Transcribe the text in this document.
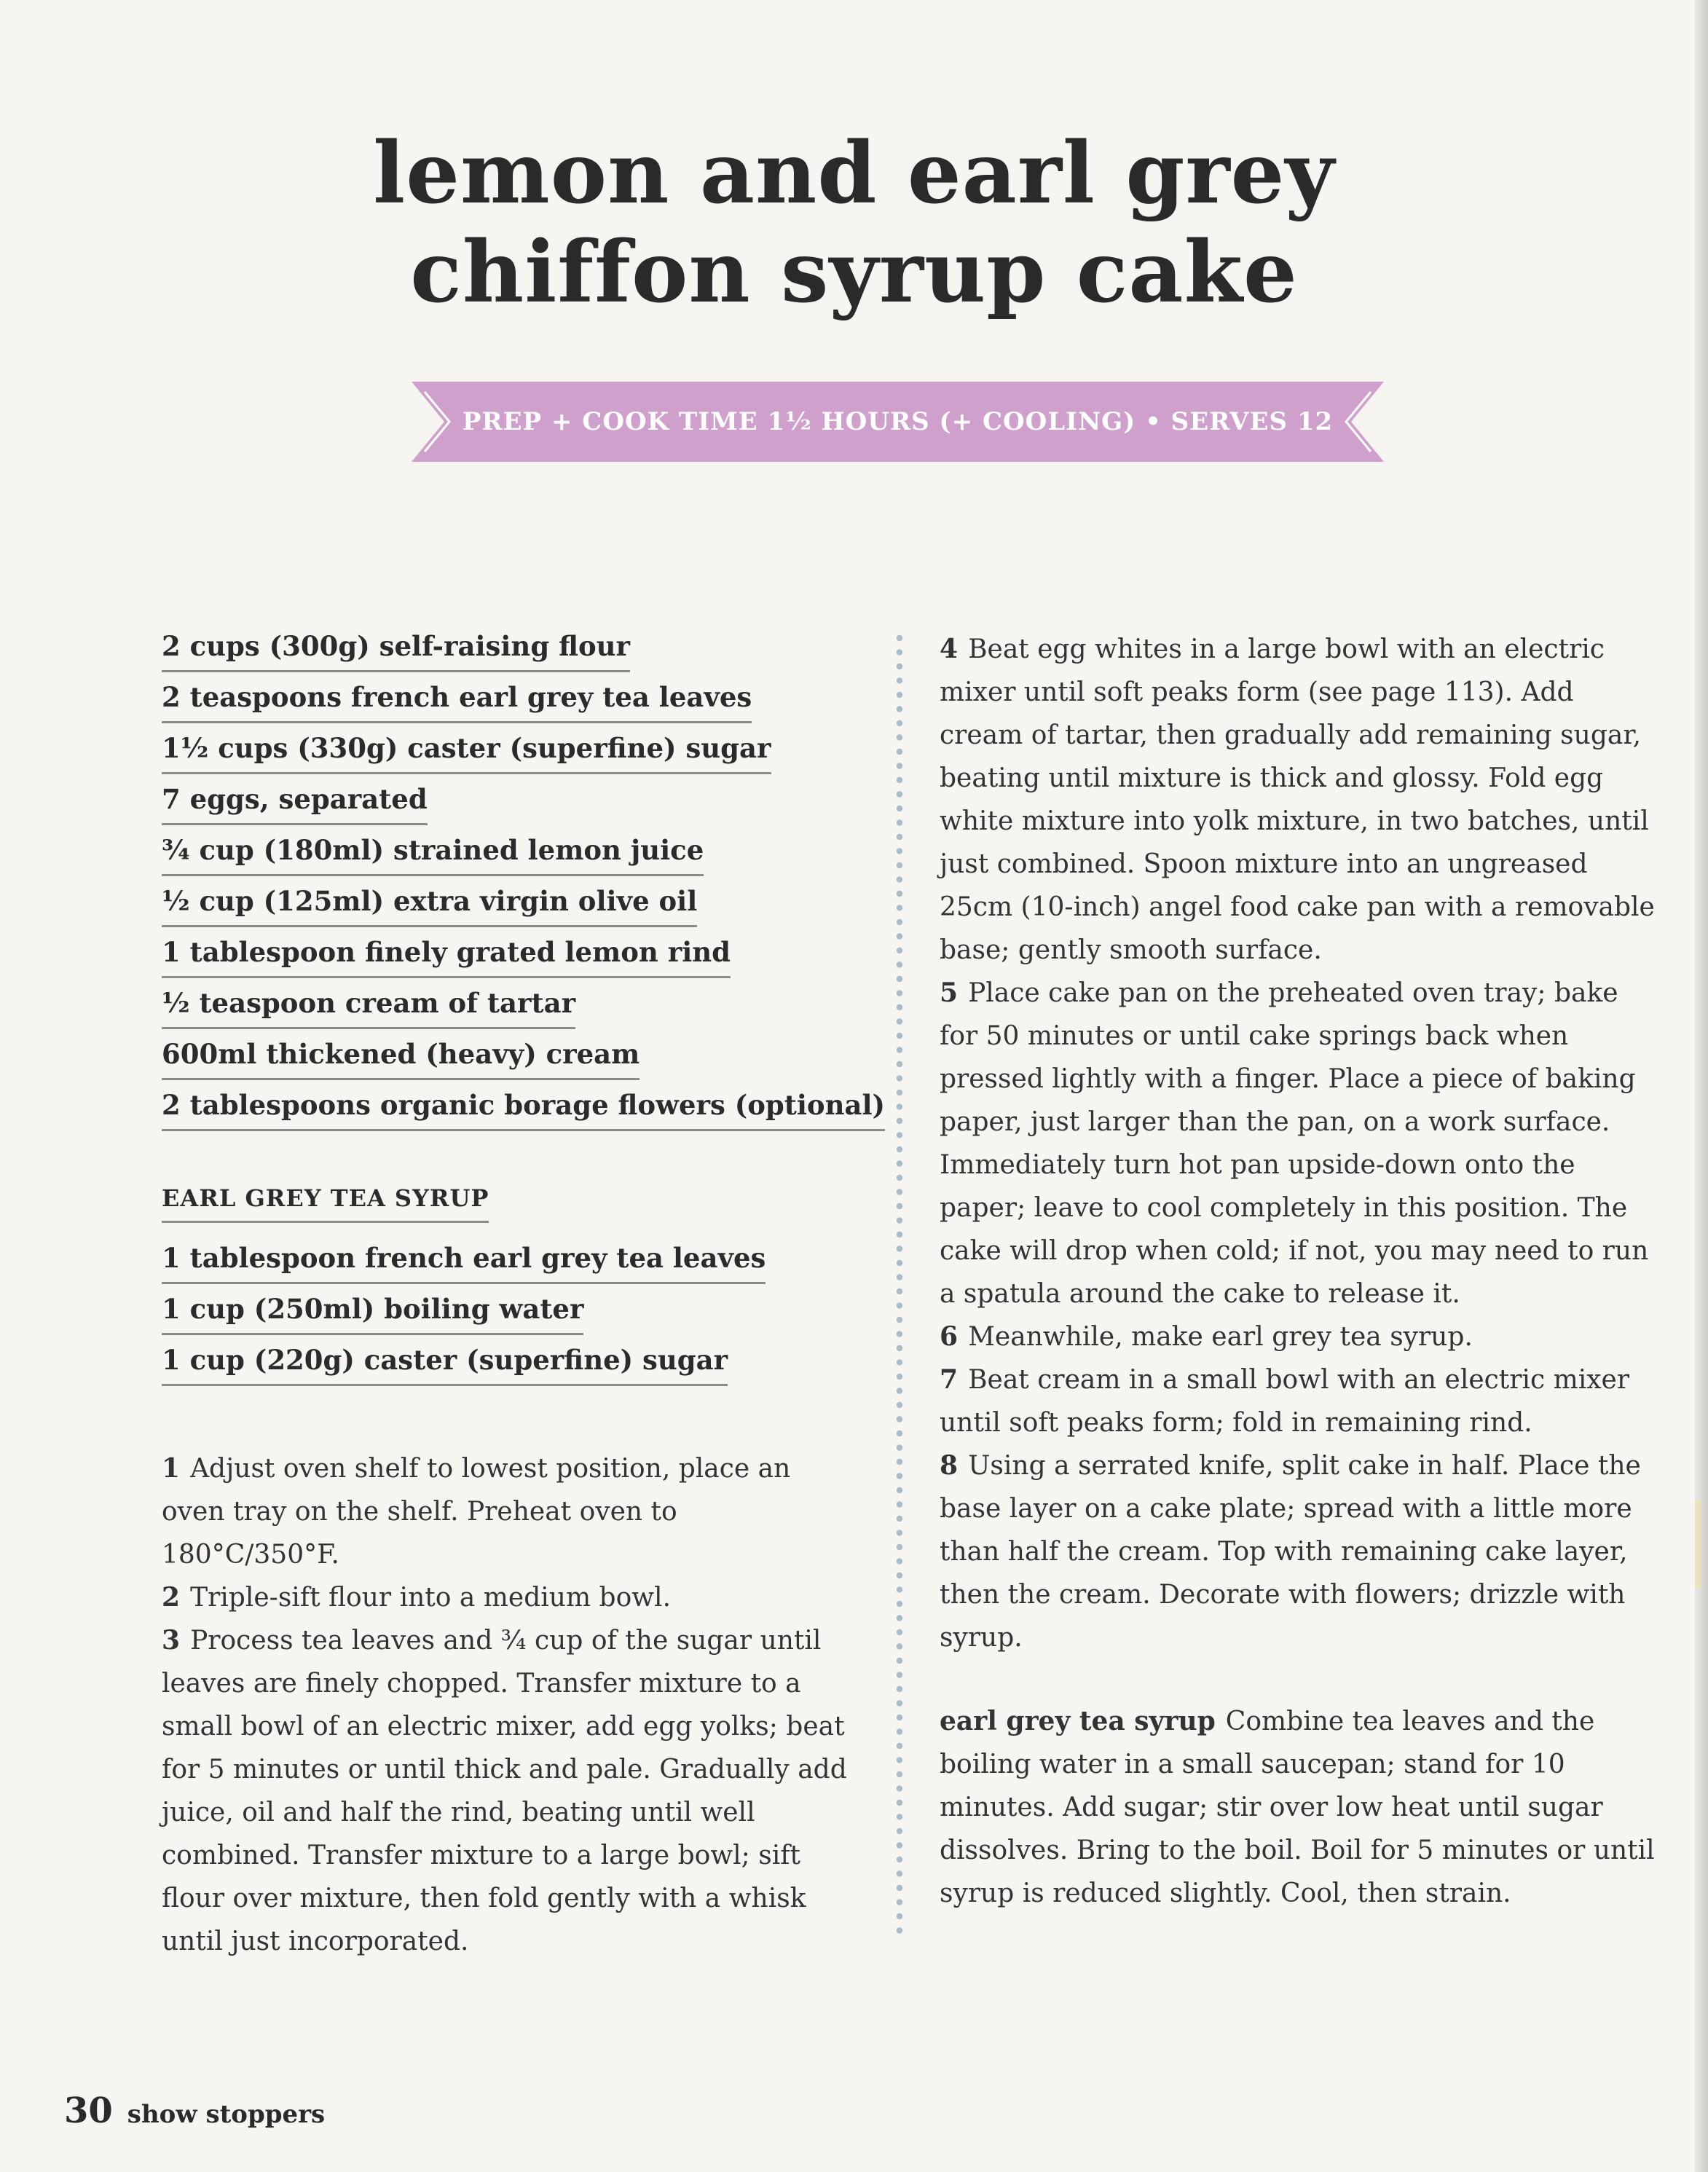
lemon and earl grey
chiffon syrup cake
PREP + COOK TIME 1½ HOURS (+ COOLING) • SERVES 12
2 cups (300g) self-raising flour
2 teaspoons french earl grey tea leaves
1½ cups (330g) caster (superfine) sugar
7 eggs, separated
¾ cup (180ml) strained lemon juice
½ cup (125ml) extra virgin olive oil
1 tablespoon finely grated lemon rind
½ teaspoon cream of tartar
600ml thickened (heavy) cream
2 tablespoons organic borage flowers (optional)
EARL GREY TEA SYRUP
1 tablespoon french earl grey tea leaves
1 cup (250ml) boiling water
1 cup (220g) caster (superfine) sugar

1 Adjust oven shelf to lowest position, place an oven tray on the shelf. Preheat oven to 180°C/350°F.

2 Triple-sift flour into a medium bowl.

3 Process tea leaves and ¾ cup of the sugar until leaves are finely chopped. Transfer mixture to a small bowl of an electric mixer, add egg yolks; beat for 5 minutes or until thick and pale. Gradually add juice, oil and half the rind, beating until well combined. Transfer mixture to a large bowl; sift flour over mixture, then fold gently with a whisk until just incorporated.

4 Beat egg whites in a large bowl with an electric mixer until soft peaks form (see page 113). Add cream of tartar, then gradually add remaining sugar, beating until mixture is thick and glossy. Fold egg white mixture into yolk mixture, in two batches, until just combined. Spoon mixture into an ungreased 25cm (10-inch) angel food cake pan with a removable base; gently smooth surface.

5 Place cake pan on the preheated oven tray; bake for 50 minutes or until cake springs back when pressed lightly with a finger. Place a piece of baking paper, just larger than the pan, on a work surface. Immediately turn hot pan upside-down onto the paper; leave to cool completely in this position. The cake will drop when cold; if not, you may need to run a spatula around the cake to release it.

6 Meanwhile, make earl grey tea syrup.

7 Beat cream in a small bowl with an electric mixer until soft peaks form; fold in remaining rind.

8 Using a serrated knife, split cake in half. Place the base layer on a cake plate; spread with a little more than half the cream. Top with remaining cake layer, then the cream. Decorate with flowers; drizzle with syrup.

earl grey tea syrup Combine tea leaves and the boiling water in a small saucepan; stand for 10 minutes. Add sugar; stir over low heat until sugar dissolves. Bring to the boil. Boil for 5 minutes or until syrup is reduced slightly. Cool, then strain.

30 show stoppers
